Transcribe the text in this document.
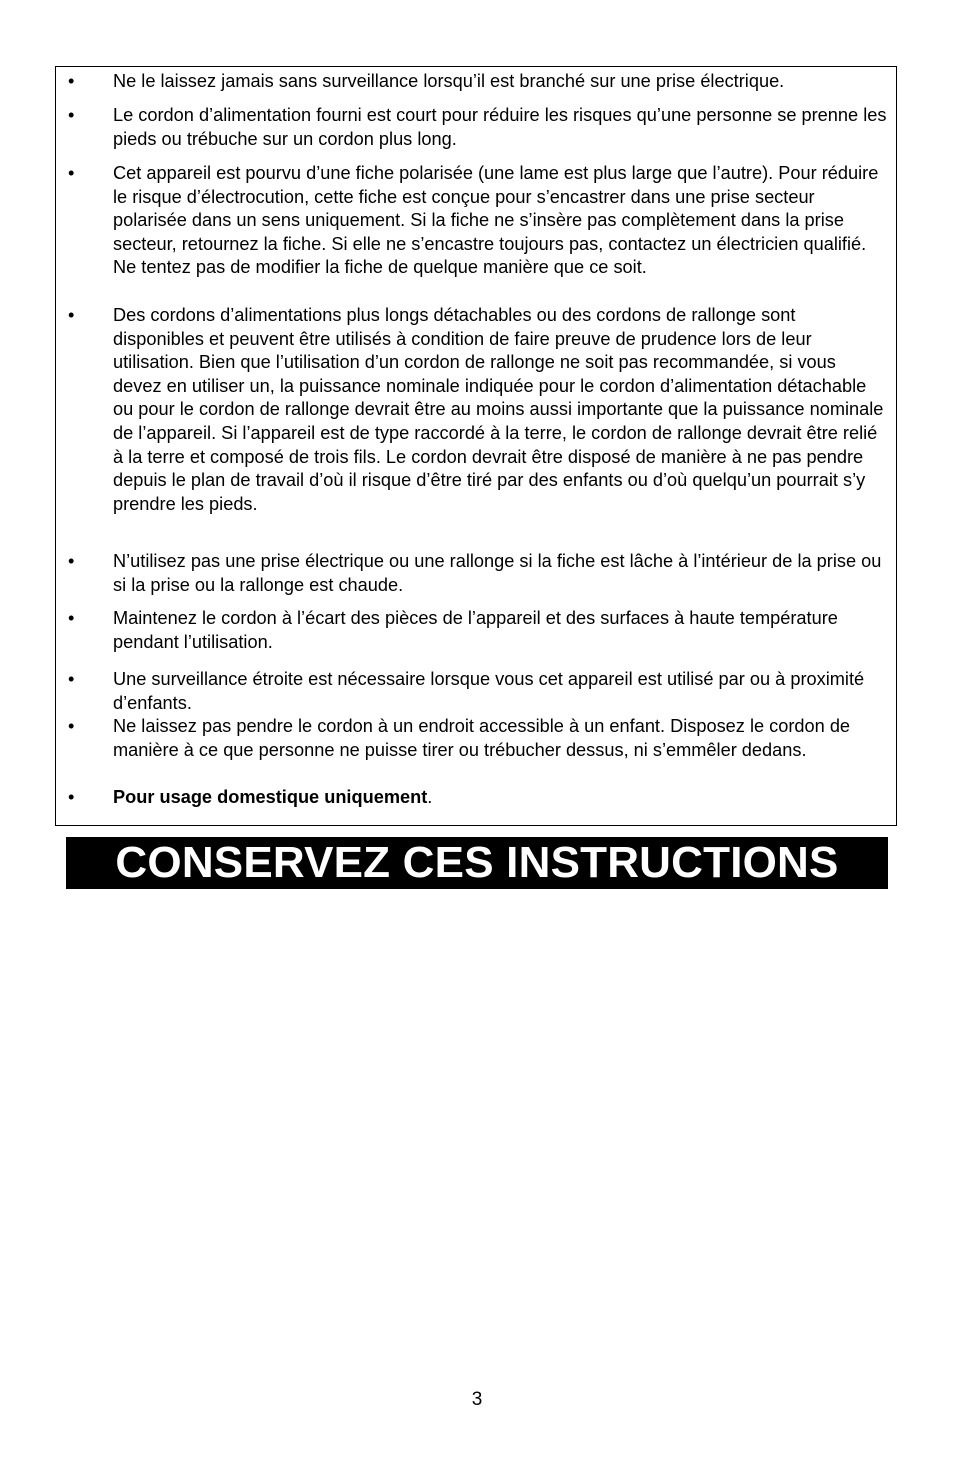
•	Ne le laissez jamais sans surveillance lorsqu’il est branché sur une prise électrique.
•	Le cordon d’alimentation fourni est court pour réduire les risques qu’une personne se prenne les pieds ou trébuche sur un cordon plus long.
•	Cet appareil est pourvu d’une fiche polarisée (une lame est plus large que l’autre). Pour réduire le risque d’électrocution, cette fiche est conçue pour s’encastrer dans une prise secteur polarisée dans un sens uniquement. Si la fiche ne s’insère pas complètement dans la prise secteur, retournez la fiche. Si elle ne s’encastre toujours pas, contactez un électricien qualifié. Ne tentez pas de modifier la fiche de quelque manière que ce soit.
•	Des cordons d’alimentations plus longs détachables ou des cordons de rallonge sont disponibles et peuvent être utilisés à condition de faire preuve de prudence lors de leur utilisation. Bien que l’utilisation d’un cordon de rallonge ne soit pas recommandée, si vous devez en utiliser un, la puissance nominale indiquée pour le cordon d’alimentation détachable ou pour le cordon de rallonge devrait être au moins aussi importante que la puissance nominale de l’appareil. Si l’appareil est de type raccordé à la terre, le cordon de rallonge devrait être relié à la terre et composé de trois fils. Le cordon devrait être disposé de manière à ne pas pendre depuis le plan de travail d’où il risque d’être tiré par des enfants ou d’où quelqu’un pourrait s’y prendre les pieds.
•	N’utilisez pas une prise électrique ou une rallonge si la fiche est lâche à l’intérieur de la prise ou si la prise ou la rallonge est chaude.
•	Maintenez le cordon à l’écart des pièces de l’appareil et des surfaces à haute température pendant l’utilisation.
•	Une surveillance étroite est nécessaire lorsque vous cet appareil est utilisé par ou à proximité d’enfants.
•	Ne laissez pas pendre le cordon à un endroit accessible à un enfant. Disposez le cordon de manière à ce que personne ne puisse tirer ou trébucher dessus, ni s’emmêler dedans.
•	Pour usage domestique uniquement.
CONSERVEZ CES INSTRUCTIONS
3
